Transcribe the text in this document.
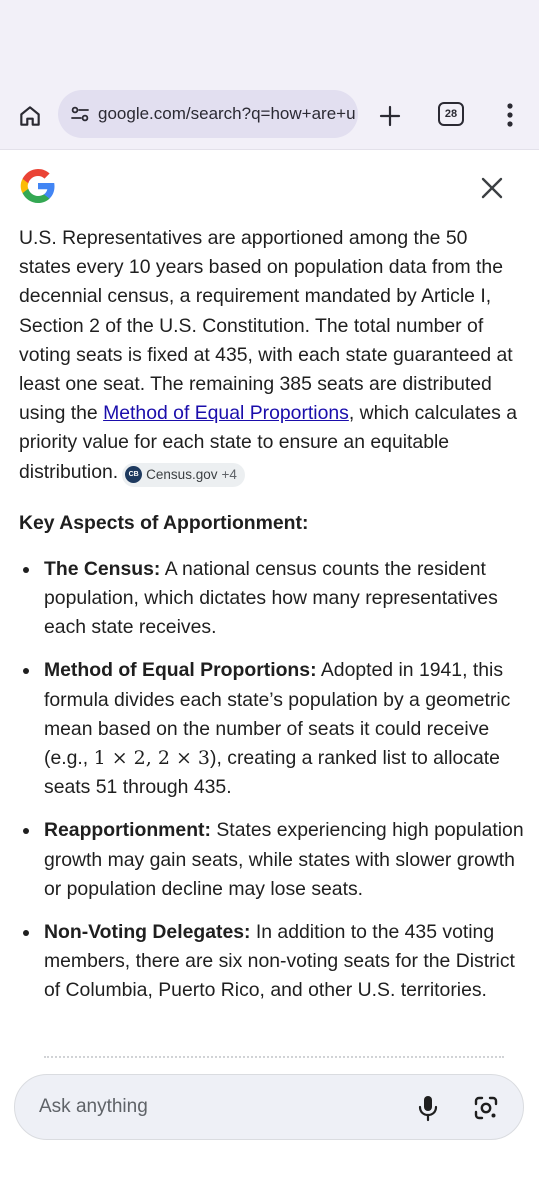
google.com/search?q=how+are+u	28

U.S. Representatives are apportioned among the 50 states every 10 years based on population data from the decennial census, a requirement mandated by Article I, Section 2 of the U.S. Constitution. The total number of voting seats is fixed at 435, with each state guaranteed at least one seat. The remaining 385 seats are distributed using the Method of Equal Proportions, which calculates a priority value for each state to ensure an equitable distribution.	CB Census.gov +4

Key Aspects of Apportionment:
The Census: A national census counts the resident population, which dictates how many representatives each state receives.
Method of Equal Proportions: Adopted in 1941, this formula divides each state’s population by a geometric mean based on the number of seats it could receive (e.g., 1 × 2, 2 × 3), creating a ranked list to allocate seats 51 through 435.
Reapportionment: States experiencing high population growth may gain seats, while states with slower growth or population decline may lose seats.
Non-Voting Delegates: In addition to the 435 voting members, there are six non-voting seats for the District of Columbia, Puerto Rico, and other U.S. territories.
Ask anything
